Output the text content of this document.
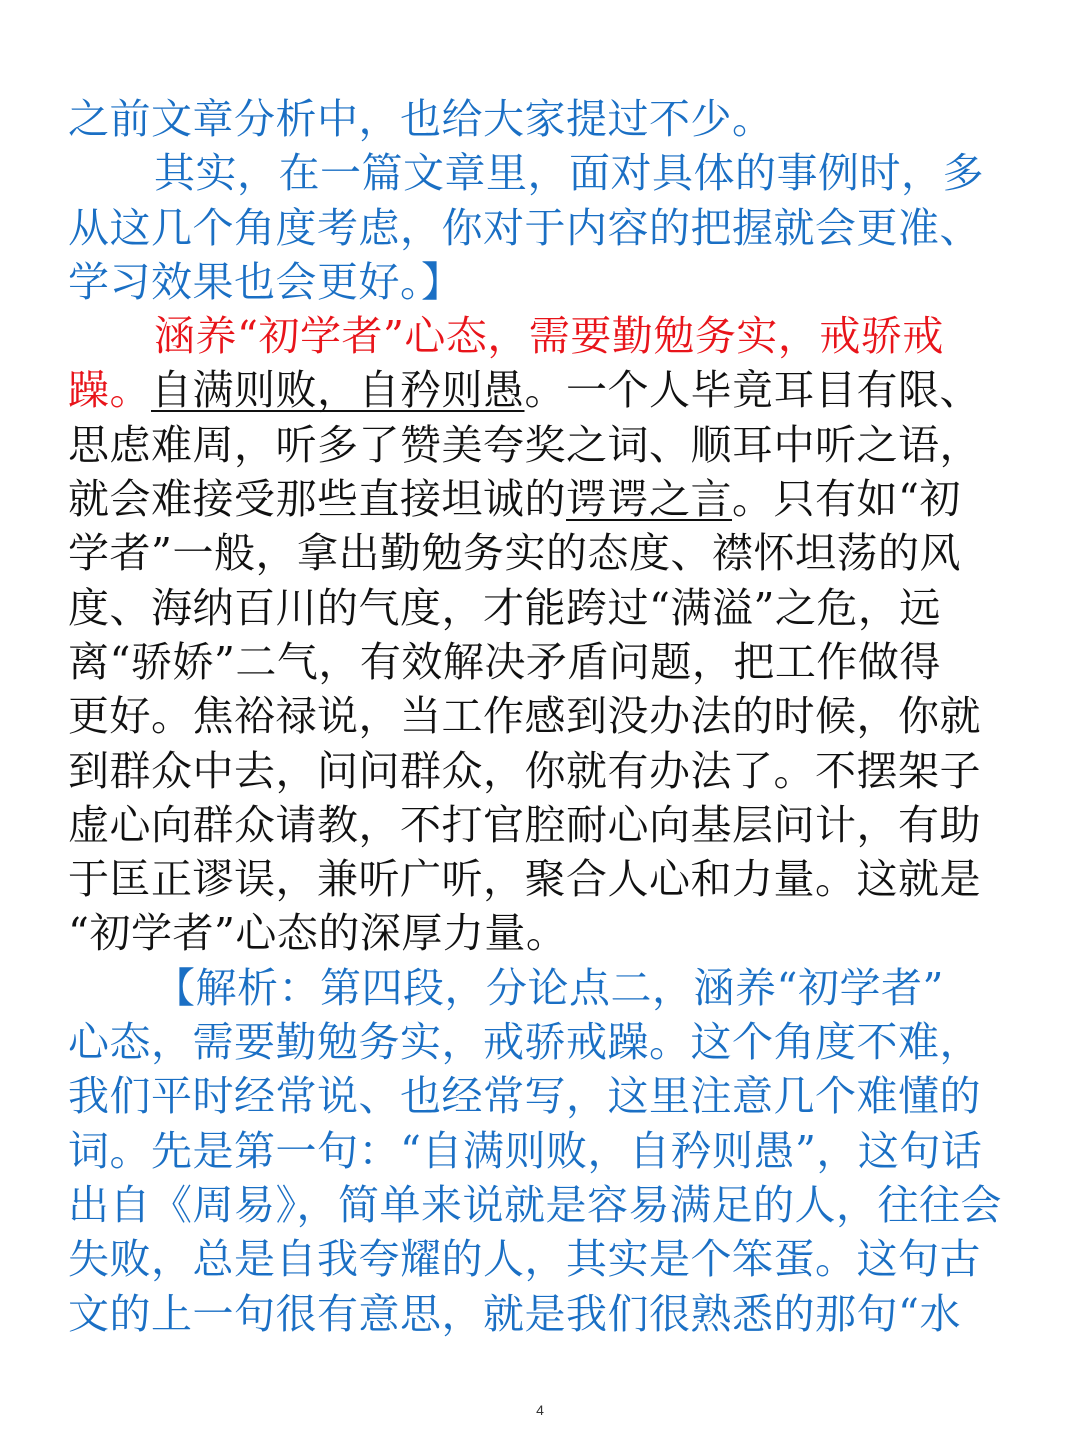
之前文章分析中，也给大家提过不少。
其实，在一篇文章里，面对具体的事例时，多
从这几个角度考虑，你对于内容的把握就会更准、
学习效果也会更好。】
涵养“初学者”心态，需要勤勉务实，戒骄戒
躁。自满则败，自矜则愚。一个人毕竟耳目有限、
思虑难周，听多了赞美夸奖之词、顺耳中听之语，
就会难接受那些直接坦诚的谔谔之言。只有如“初
学者”一般，拿出勤勉务实的态度、襟怀坦荡的风
度、海纳百川的气度，才能跨过“满溢”之危，远
离“骄娇”二气，有效解决矛盾问题，把工作做得
更好。焦裕禄说，当工作感到没办法的时候，你就
到群众中去，问问群众，你就有办法了。不摆架子
虚心向群众请教，不打官腔耐心向基层问计，有助
于匡正谬误，兼听广听，聚合人心和力量。这就是
“初学者”心态的深厚力量。
【解析：第四段，分论点二，涵养“初学者”
心态，需要勤勉务实，戒骄戒躁。这个角度不难，
我们平时经常说、也经常写，这里注意几个难懂的
词。先是第一句：“自满则败，自矜则愚”，这句话
出自《周易》，简单来说就是容易满足的人，往往会
失败，总是自我夸耀的人，其实是个笨蛋。这句古
文的上一句很有意思，就是我们很熟悉的那句“水
4
